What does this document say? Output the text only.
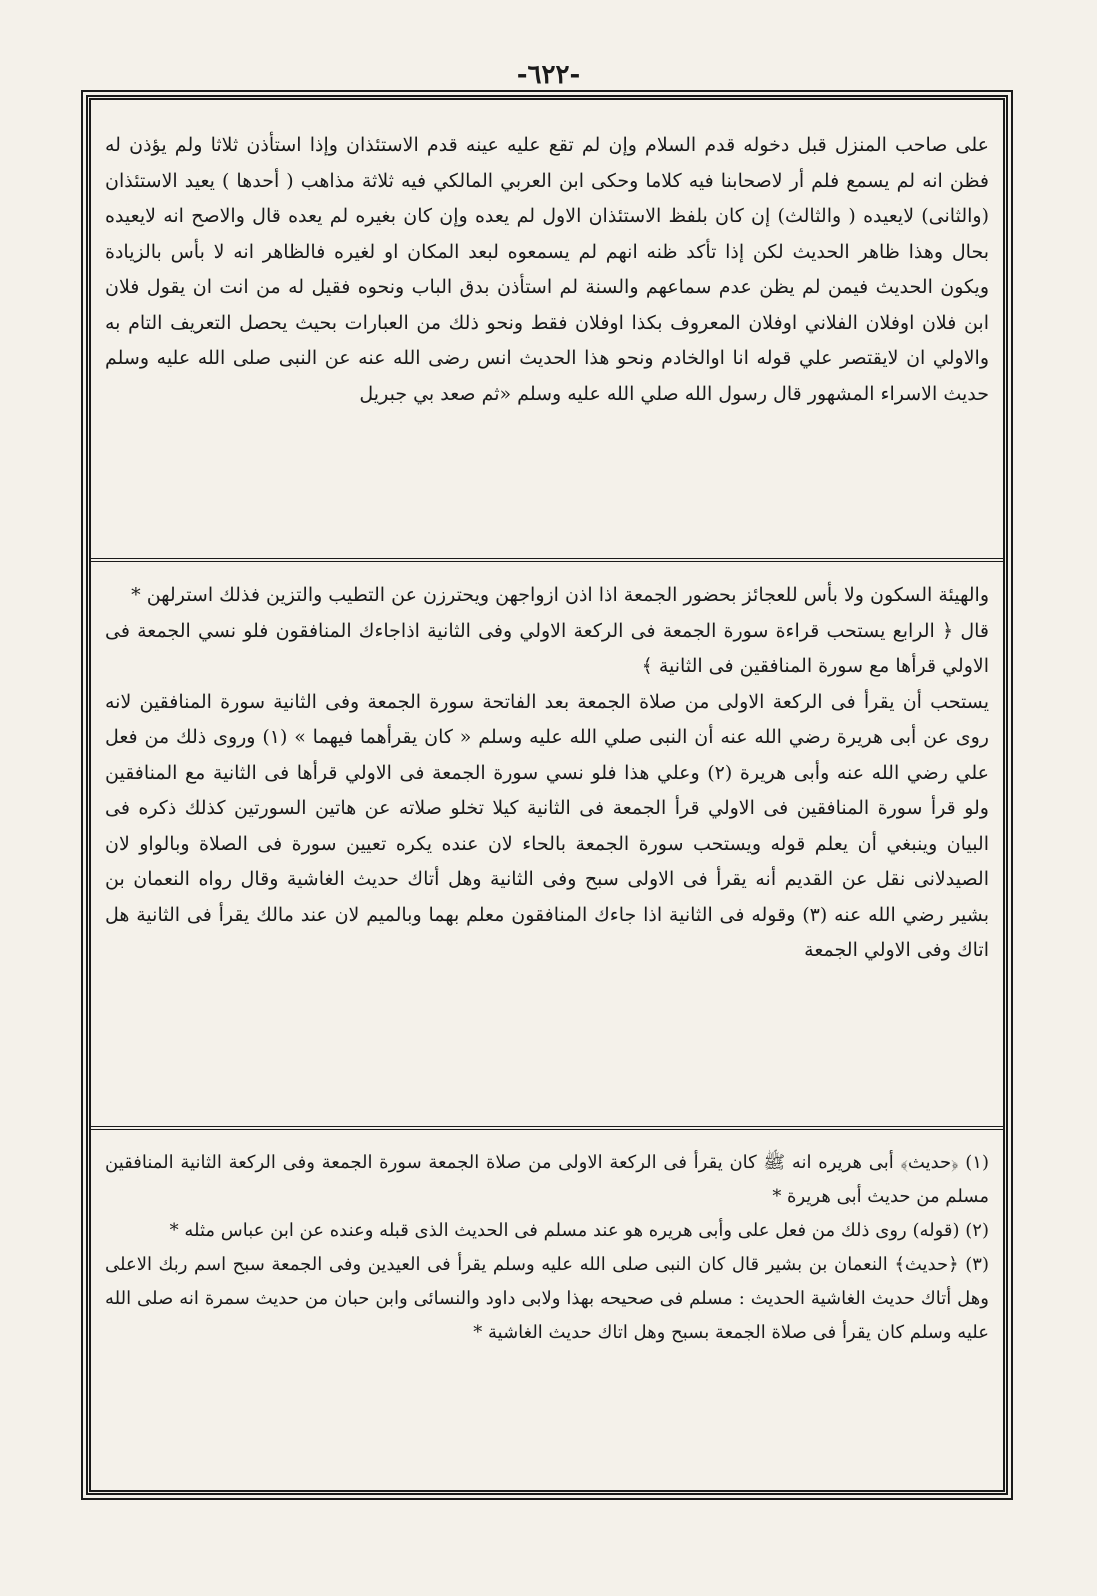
-٦٢٢-

على صاحب المنزل قبل دخوله قدم السلام وإن لم تقع عليه عينه قدم الاستئذان وإذا استأذن ثلاثا ولم يؤذن له فظن انه لم يسمع فلم أر لاصحابنا فيه كلاما وحكى ابن العربي المالكي فيه ثلاثة مذاهب ( أحدها ) يعيد الاستئذان (والثانى) لايعيده ( والثالث) إن كان بلفظ الاستئذان الاول لم يعده وإن كان بغيره لم يعده قال والاصح انه لايعيده بحال وهذا ظاهر الحديث لكن إذا تأكد ظنه انهم لم يسمعوه لبعد المكان او لغيره فالظاهر انه لا بأس بالزيادة ويكون الحديث فيمن لم يظن عدم سماعهم والسنة لم استأذن بدق الباب ونحوه فقيل له من انت ان يقول فلان ابن فلان اوفلان الفلاني اوفلان المعروف بكذا اوفلان فقط ونحو ذلك من العبارات بحيث يحصل التعريف التام به والاولي ان لايقتصر علي قوله انا اوالخادم ونحو هذا الحديث انس رضى الله عنه عن النبى صلى الله عليه وسلم حديث الاسراء المشهور قال رسول الله صلي الله عليه وسلم «ثم صعد بي جبريل

والهيئة السكون ولا بأس للعجائز بحضور الجمعة اذا اذن ازواجهن ويحترزن عن التطيب والتزين فذلك استرلهن *

قال ﴿ الرابع يستحب قراءة سورة الجمعة فى الركعة الاولي وفى الثانية اذاجاءك المنافقون فلو نسي الجمعة فى الاولي قرأها مع سورة المنافقين فى الثانية ﴾

يستحب أن يقرأ فى الركعة الاولى من صلاة الجمعة بعد الفاتحة سورة الجمعة وفى الثانية سورة المنافقين لانه روى عن أبى هريرة رضي الله عنه أن النبى صلي الله عليه وسلم « كان يقرأهما فيهما » (١) وروى ذلك من فعل علي رضي الله عنه وأبى هريرة (٢) وعلي هذا فلو نسي سورة الجمعة فى الاولي قرأها فى الثانية مع المنافقين ولو قرأ سورة المنافقين فى الاولي قرأ الجمعة فى الثانية كيلا تخلو صلاته عن هاتين السورتين كذلك ذكره فى البيان وينبغي أن يعلم قوله ويستحب سورة الجمعة بالحاء لان عنده يكره تعيين سورة فى الصلاة وبالواو لان الصيدلانى نقل عن القديم أنه يقرأ فى الاولى سبح وفى الثانية وهل أتاك حديث الغاشية وقال رواه النعمان بن بشير رضي الله عنه (٣) وقوله فى الثانية اذا جاءك المنافقون معلم بهما وبالميم لان عند مالك يقرأ فى الثانية هل اتاك وفى الاولي الجمعة

(١) ﴿حديث﴾ أبى هريره انه ﷺ كان يقرأ فى الركعة الاولى من صلاة الجمعة سورة الجمعة وفى الركعة الثانية المنافقين مسلم من حديث أبى هريرة *

(٢) (قوله) روى ذلك من فعل على وأبى هريره هو عند مسلم فى الحديث الذى قبله وعنده عن ابن عباس مثله *

(٣) ﴿حديث﴾ النعمان بن بشير قال كان النبى صلى الله عليه وسلم يقرأ فى العيدين وفى الجمعة سبح اسم ربك الاعلى وهل أتاك حديث الغاشية الحديث : مسلم فى صحيحه بهذا ولابى داود والنسائى وابن حبان من حديث سمرة انه صلى الله عليه وسلم كان يقرأ فى صلاة الجمعة بسبح وهل اتاك حديث الغاشية *
